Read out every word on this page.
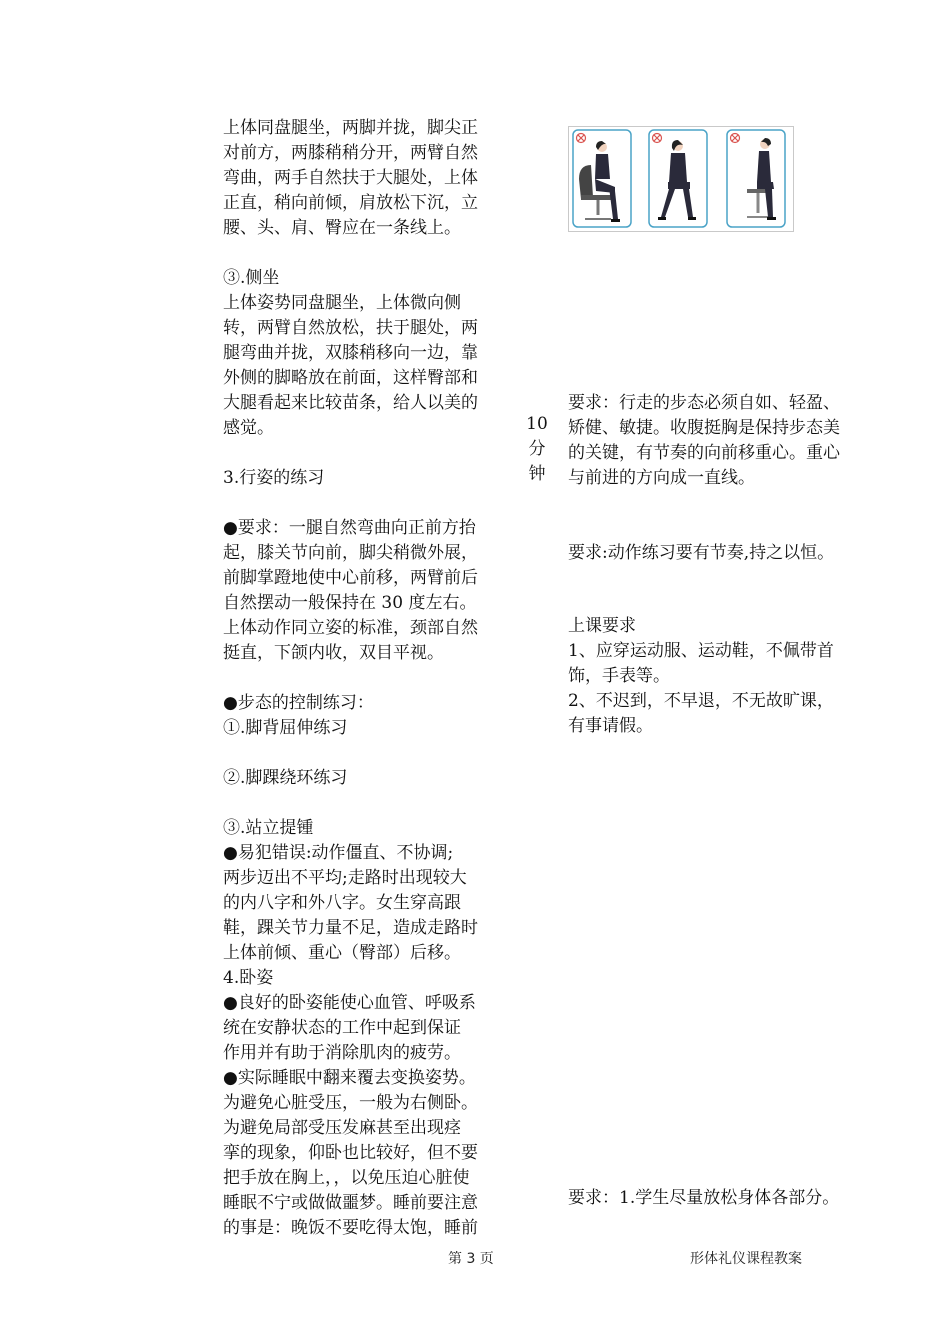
上体同盘腿坐，两脚并拢，脚尖正

对前方，两膝稍稍分开，两臂自然

弯曲，两手自然扶于大腿处，上体

正直，稍向前倾，肩放松下沉，立

腰、头、肩、臀应在一条线上。

③.侧坐

上体姿势同盘腿坐，上体微向侧

转，两臂自然放松，扶于腿处，两

腿弯曲并拢，双膝稍移向一边，靠

外侧的脚略放在前面，这样臀部和

大腿看起来比较苗条，给人以美的

感觉。

3.行姿的练习

●要求：一腿自然弯曲向正前方抬

起，膝关节向前，脚尖稍微外展，

前脚掌蹬地使中心前移，两臂前后

自然摆动一般保持在 30 度左右。

上体动作同立姿的标准，颈部自然

挺直，下颌内收，双目平视。

●步态的控制练习：

①.脚背屈伸练习

②.脚踝绕环练习

③.站立提锺

●易犯错误:动作僵直、不协调;

两步迈出不平均;走路时出现较大

的内八字和外八字。女生穿高跟

鞋，踝关节力量不足，造成走路时

上体前倾、重心（臀部）后移。

4.卧姿

●良好的卧姿能使心血管、呼吸系

统在安静状态的工作中起到保证

作用并有助于消除肌肉的疲劳。

●实际睡眠中翻来覆去变换姿势。

为避免心脏受压，一般为右侧卧。

为避免局部受压发麻甚至出现痉

挛的现象，仰卧也比较好，但不要

把手放在胸上，，以免压迫心脏使

睡眠不宁或做做噩梦。睡前要注意

的事是：晚饭不要吃得太饱，睡前

10
分
钟

要求：行走的步态必须自如、轻盈、

矫健、敏捷。收腹挺胸是保持步态美

的关键，有节奏的向前移重心。重心

与前进的方向成一直线。

要求:动作练习要有节奏,持之以恒。

上课要求

1、应穿运动服、运动鞋，不佩带首

饰，手表等。

2、不迟到，不早退，不无故旷课，

有事请假。

要求：1.学生尽量放松身体各部分。

第 3 页	形体礼仪课程教案
